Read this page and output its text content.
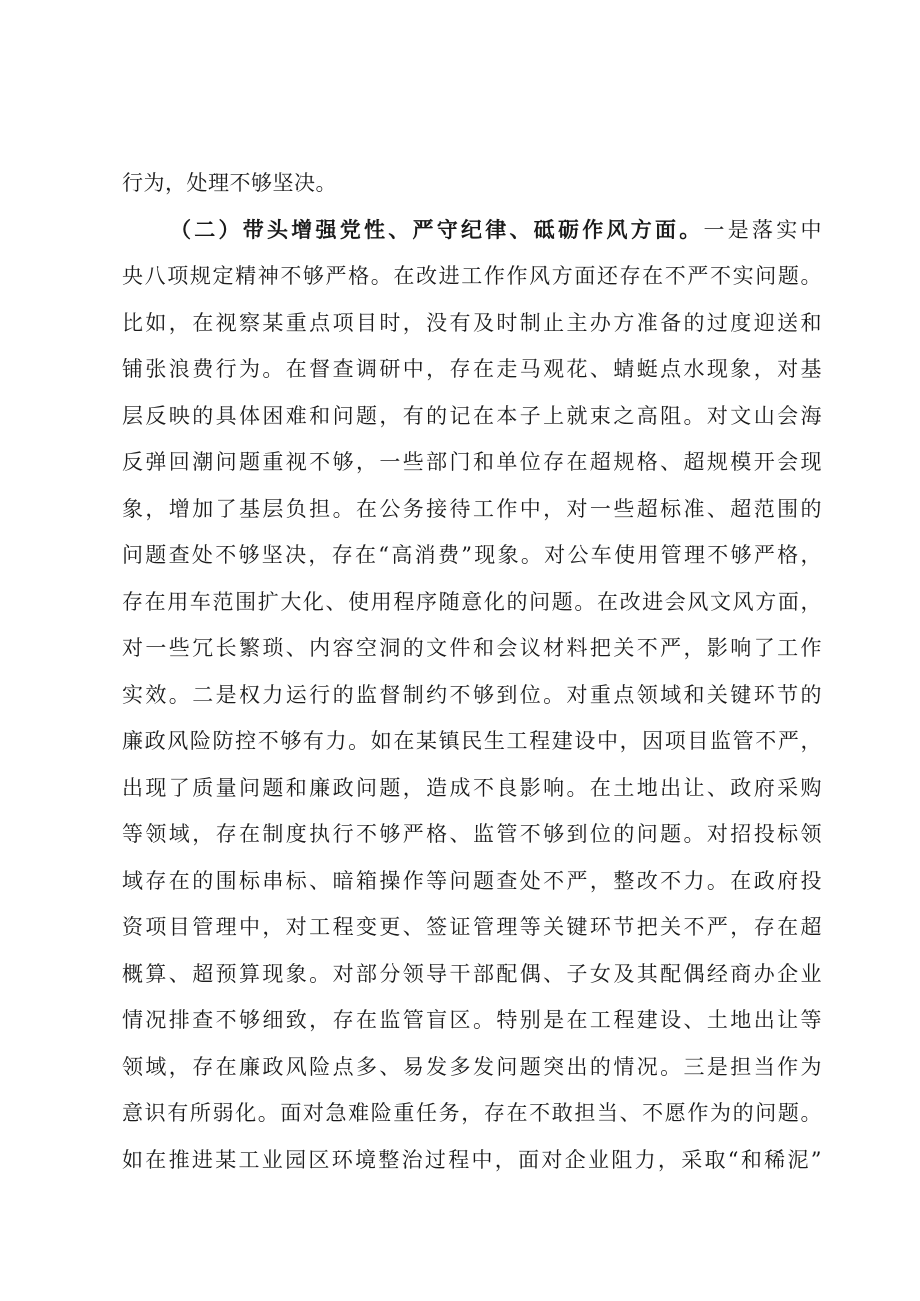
行为，处理不够坚决。
（二）带头增强党性、严守纪律、砥砺作风方面。一是落实中
央八项规定精神不够严格。在改进工作作风方面还存在不严不实问题。
比如，在视察某重点项目时，没有及时制止主办方准备的过度迎送和
铺张浪费行为。在督查调研中，存在走马观花、蜻蜓点水现象，对基
层反映的具体困难和问题，有的记在本子上就束之高阻。对文山会海
反弹回潮问题重视不够，一些部门和单位存在超规格、超规模开会现
象，增加了基层负担。在公务接待工作中，对一些超标准、超范围的
问题查处不够坚决，存在“高消费”现象。对公车使用管理不够严格，
存在用车范围扩大化、使用程序随意化的问题。在改进会风文风方面，
对一些冗长繁琐、内容空洞的文件和会议材料把关不严，影响了工作
实效。二是权力运行的监督制约不够到位。对重点领域和关键环节的
廉政风险防控不够有力。如在某镇民生工程建设中，因项目监管不严，
出现了质量问题和廉政问题，造成不良影响。在土地出让、政府采购
等领域，存在制度执行不够严格、监管不够到位的问题。对招投标领
域存在的围标串标、暗箱操作等问题查处不严，整改不力。在政府投
资项目管理中，对工程变更、签证管理等关键环节把关不严，存在超
概算、超预算现象。对部分领导干部配偶、子女及其配偶经商办企业
情况排查不够细致，存在监管盲区。特别是在工程建设、土地出让等
领域，存在廉政风险点多、易发多发问题突出的情况。三是担当作为
意识有所弱化。面对急难险重任务，存在不敢担当、不愿作为的问题。
如在推进某工业园区环境整治过程中，面对企业阻力，采取“和稀泥”
